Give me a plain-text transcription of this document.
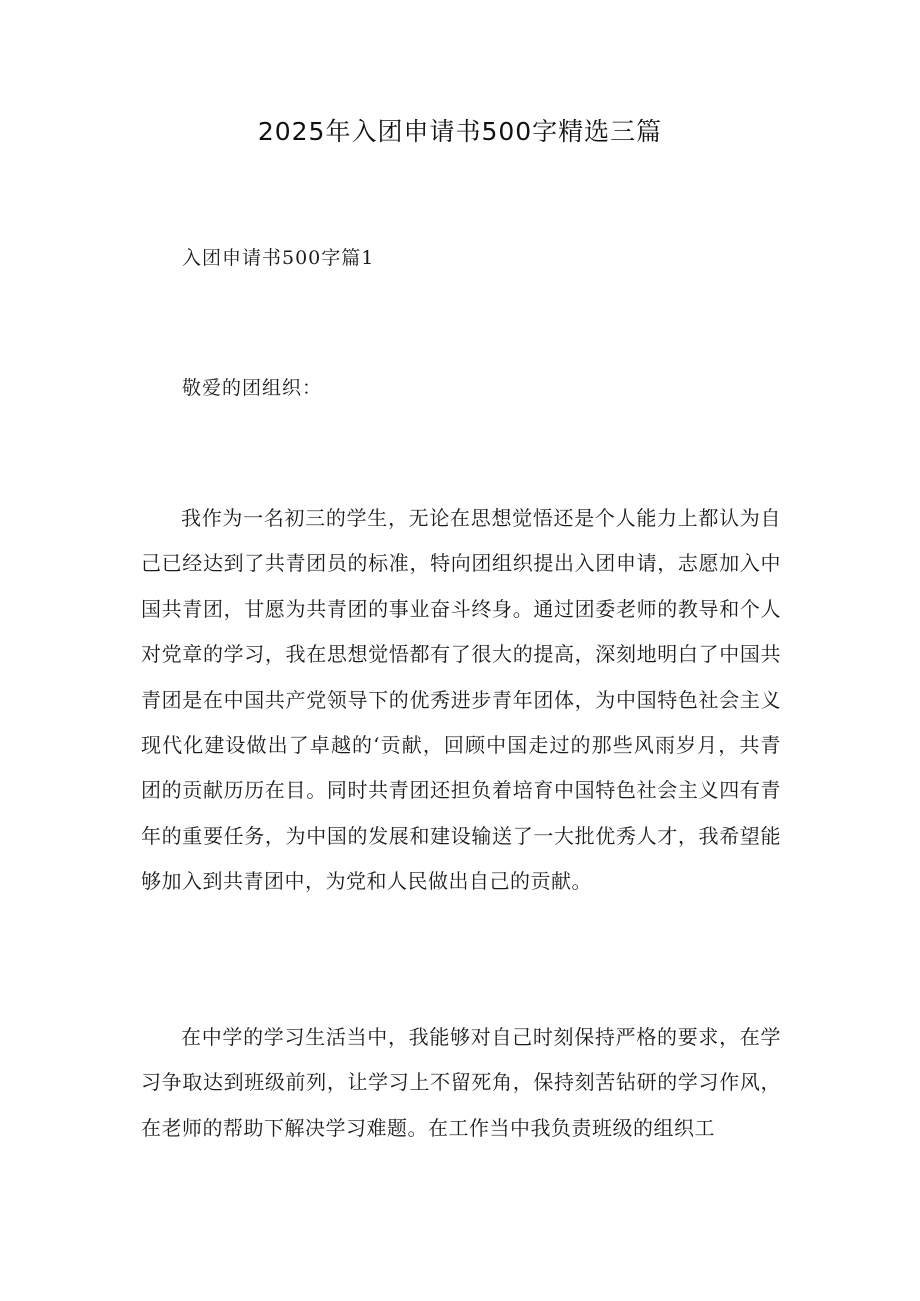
2025年入团申请书500字精选三篇
入团申请书500字篇1

敬爱的团组织：

我作为一名初三的学生，无论在思想觉悟还是个人能力上都认为自己已经达到了共青团员的标准，特向团组织提出入团申请，志愿加入中国共青团，甘愿为共青团的事业奋斗终身。通过团委老师的教导和个人对党章的学习，我在思想觉悟都有了很大的提高，深刻地明白了中国共青团是在中国共产党领导下的优秀进步青年团体，为中国特色社会主义现代化建设做出了卓越的‘贡献，回顾中国走过的那些风雨岁月，共青团的贡献历历在目。同时共青团还担负着培育中国特色社会主义四有青年的重要任务，为中国的发展和建设输送了一大批优秀人才，我希望能够加入到共青团中，为党和人民做出自己的贡献。

在中学的学习生活当中，我能够对自己时刻保持严格的要求，在学习争取达到班级前列，让学习上不留死角，保持刻苦钻研的学习作风，在老师的帮助下解决学习难题。在工作当中我负责班级的组织工
